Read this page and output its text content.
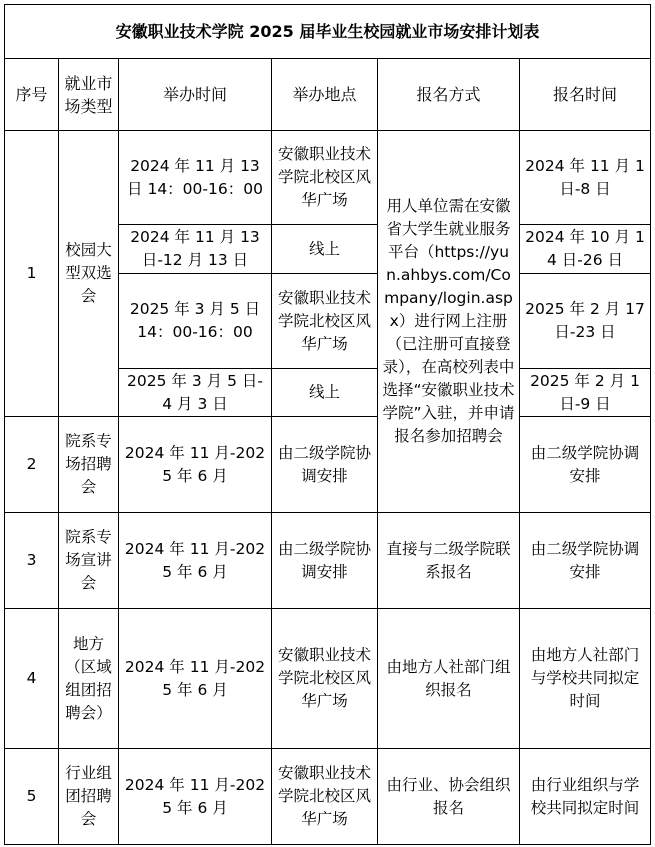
安徽职业技术学院 2025 届毕业生校园就业市场安排计划表					
序号	就业市场类型	举办时间	举办地点	报名方式	报名时间
1	校园大型双选会	2024 年 11 月 13 日 14：00-16：00	安徽职业技术学院北校区风华广场	用人单位需在安徽省大学生就业服务平台（https://yun.ahbys.com/Company/login.aspx）进行网上注册（已注册可直接登录），在高校列表中选择“安徽职业技术学院”入驻，并申请报名参加招聘会	2024 年 11 月 1 日-8 日
		2024 年 11 月 13 日-12 月 13 日	线上		2024 年 10 月 14 日-26 日
		2025 年 3 月 5 日 14：00-16：00	安徽职业技术学院北校区风华广场		2025 年 2 月 17 日-23 日
		2025 年 3 月 5 日-4 月 3 日	线上		2025 年 2 月 1 日-9 日
2	院系专场招聘会	2024 年 11 月-2025 年 6 月	由二级学院协调安排		由二级学院协调安排
3	院系专场宣讲会	2024 年 11 月-2025 年 6 月	由二级学院协调安排	直接与二级学院联系报名	由二级学院协调安排
4	地方（区域组团招聘会）	2024 年 11 月-2025 年 6 月	安徽职业技术学院北校区风华广场	由地方人社部门组织报名	由地方人社部门与学校共同拟定时间
5	行业组团招聘会	2024 年 11 月-2025 年 6 月	安徽职业技术学院北校区风华广场	由行业、协会组织报名	由行业组织与学校共同拟定时间
